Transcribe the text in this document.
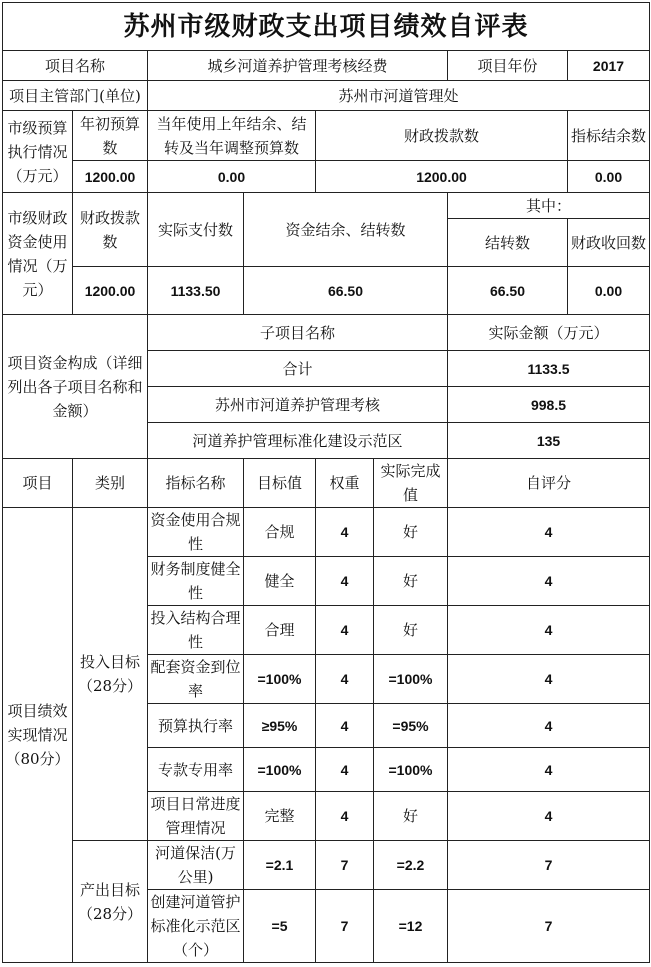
苏州市级财政支出项目绩效自评表							
项目名称		城乡河道养护管理考核经费				项目年份	2017
项目主管部门(单位)		苏州市河道管理处					
市级预算执行情况（万元）	年初预算数	当年使用上年结余、结转及当年调整预算数		财政拨款数			指标结余数
	1200.00	0.00		1200.00			0.00
市级财政资金使用情况（万元）	财政拨款数	实际支付数	资金结余、结转数			其中：	
						结转数	财政收回数
	1200.00	1133.50	66.50			66.50	0.00
项目资金构成（详细列出各子项目名称和金额）		子项目名称				实际金额（万元）	
		合计				1133.5	
		苏州市河道养护管理考核				998.5	
		河道养护管理标准化建设示范区				135	
项目	类别	指标名称	目标值	权重	实际完成值	自评分	
项目绩效实现情况（80分）	投入目标（28分）	资金使用合规性	合规	4	好	4	
		财务制度健全性	健全	4	好	4	
		投入结构合理性	合理	4	好	4	
		配套资金到位率	=100%	4	=100%	4	
		预算执行率	≥95%	4	=95%	4	
		专款专用率	=100%	4	=100%	4	
		项目日常进度管理情况	完整	4	好	4	
	产出目标（28分）	河道保洁(万公里)	=2.1	7	=2.2	7	
		创建河道管护标准化示范区（个）	=5	7	=12	7	
